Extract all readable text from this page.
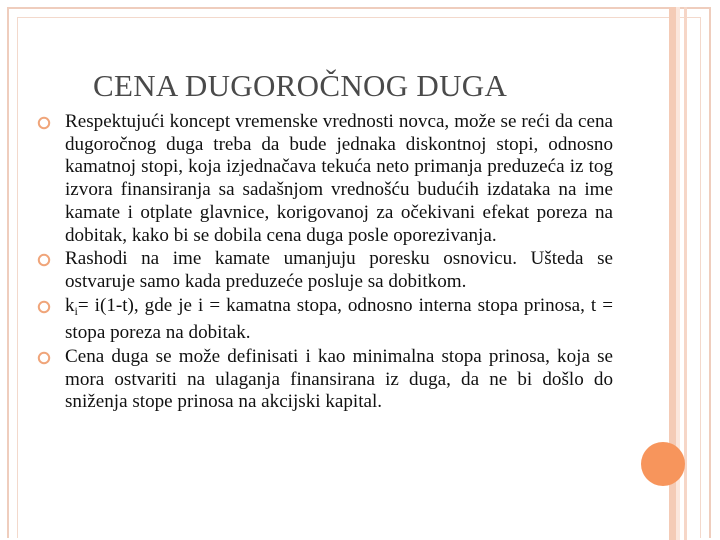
CENA DUGOROČNOG DUGA
Respektujući koncept vremenske vrednosti novca, može se reći da cena dugoročnog duga treba da bude jednaka diskontnoj stopi, odnosno kamatnoj stopi, koja izjednačava tekuća neto primanja preduzeća iz tog izvora finansiranja sa sadašnjom vrednošću budućih izdataka na ime kamate i otplate glavnice, korigovanoj za očekivani efekat poreza na dobitak, kako bi se dobila cena duga posle oporezivanja.
Rashodi na ime kamate umanjuju poresku osnovicu. Ušteda se ostvaruje samo kada preduzeće posluje sa dobitkom.
$k_i= i(1-t)$, gde je i = kamatna stopa, odnosno interna stopa prinosa, t = stopa poreza na dobitak.
Cena duga se može definisati i kao minimalna stopa prinosa, koja se mora ostvariti na ulaganja finansirana iz duga, da ne bi došlo do sniženja stope prinosa na akcijski kapital.
